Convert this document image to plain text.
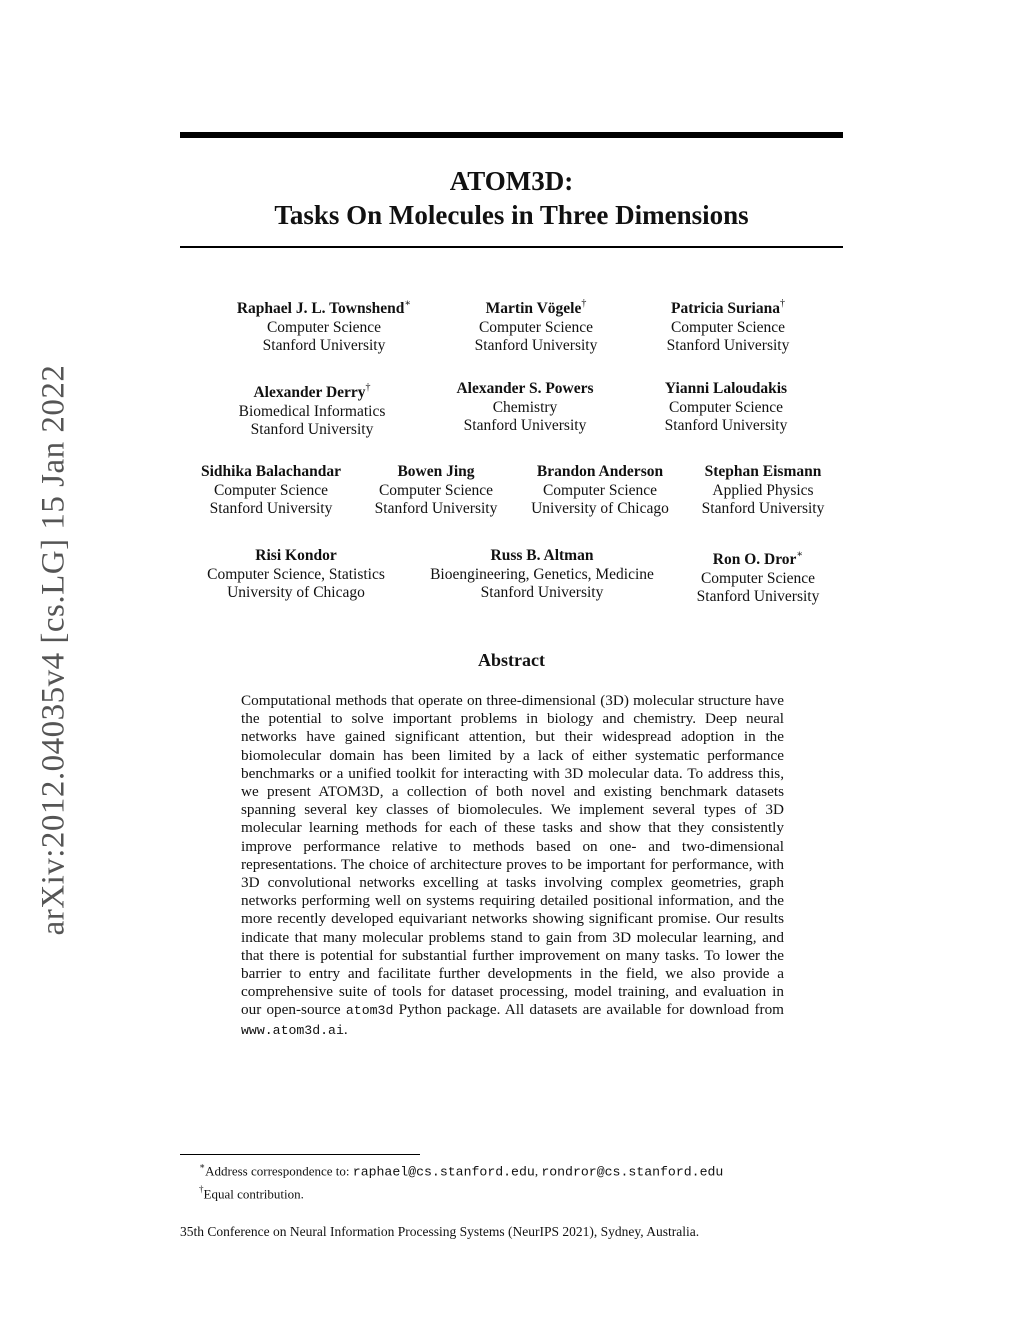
arXiv:2012.04035v4 [cs.LG] 15 Jan 2022
ATOM3D:
Tasks On Molecules in Three Dimensions
Raphael J. L. Townshend∗
Computer Science
Stanford University
Martin Vögele†
Computer Science
Stanford University
Patricia Suriana†
Computer Science
Stanford University
Alexander Derry†
Biomedical Informatics
Stanford University
Alexander S. Powers
Chemistry
Stanford University
Yianni Laloudakis
Computer Science
Stanford University
Sidhika Balachandar
Computer Science
Stanford University
Bowen Jing
Computer Science
Stanford University
Brandon Anderson
Computer Science
University of Chicago
Stephan Eismann
Applied Physics
Stanford University
Risi Kondor
Computer Science, Statistics
University of Chicago
Russ B. Altman
Bioengineering, Genetics, Medicine
Stanford University
Ron O. Dror∗
Computer Science
Stanford University
Abstract
Computational methods that operate on three-dimensional (3D) molecular structure have the potential to solve important problems in biology and chemistry. Deep neural networks have gained significant attention, but their widespread adoption in the biomolecular domain has been limited by a lack of either systematic performance benchmarks or a unified toolkit for interacting with 3D molecular data. To address this, we present ATOM3D, a collection of both novel and existing benchmark datasets spanning several key classes of biomolecules. We implement several types of 3D molecular learning methods for each of these tasks and show that they consistently improve performance relative to methods based on one- and two-dimensional representations. The choice of architecture proves to be important for performance, with 3D convolutional networks excelling at tasks involving complex geometries, graph networks performing well on systems requiring detailed positional information, and the more recently developed equivariant networks showing significant promise. Our results indicate that many molecular problems stand to gain from 3D molecular learning, and that there is potential for substantial further improvement on many tasks. To lower the barrier to entry and facilitate further developments in the field, we also provide a comprehensive suite of tools for dataset processing, model training, and evaluation in our open-source atom3d Python package. All datasets are available for download from www.atom3d.ai.
∗Address correspondence to: raphael@cs.stanford.edu, rondror@cs.stanford.edu
†Equal contribution.
35th Conference on Neural Information Processing Systems (NeurIPS 2021), Sydney, Australia.
